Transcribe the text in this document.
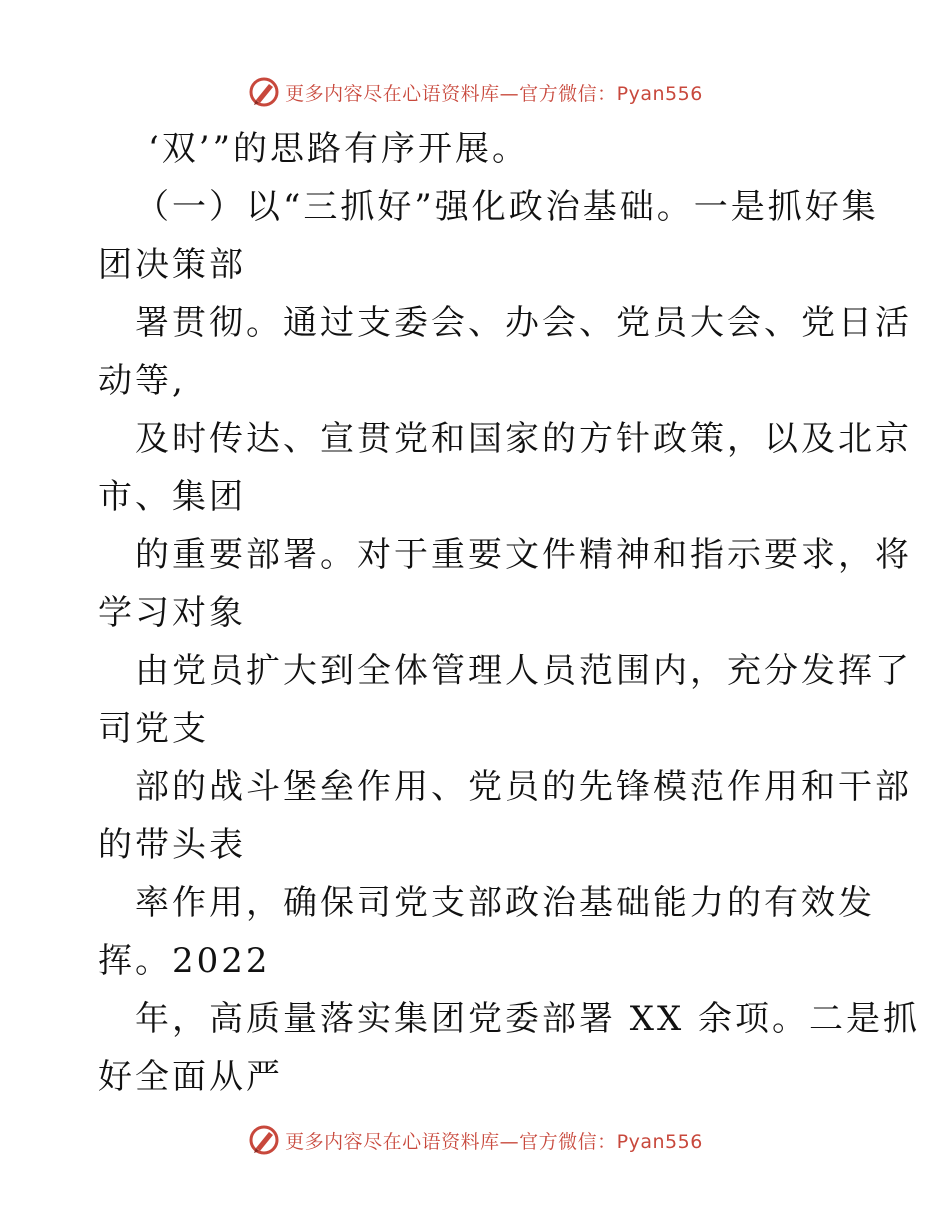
更多内容尽在心语资料库—官方微信：Pyan556
‘双’”的思路有序开展。
（一）以“三抓好”强化政治基础。一是抓好集
团决策部
署贯彻。通过支委会、办会、党员大会、党日活
动等,
及时传达、宣贯党和国家的方针政策，以及北京
市、集团
的重要部署。对于重要文件精神和指示要求，将
学习对象
由党员扩大到全体管理人员范围内，充分发挥了
司党支
部的战斗堡垒作用、党员的先锋模范作用和干部
的带头表
率作用，确保司党支部政治基础能力的有效发
挥。2022
年，高质量落实集团党委部署 XX 余项。二是抓
好全面从严
更多内容尽在心语资料库—官方微信：Pyan556
